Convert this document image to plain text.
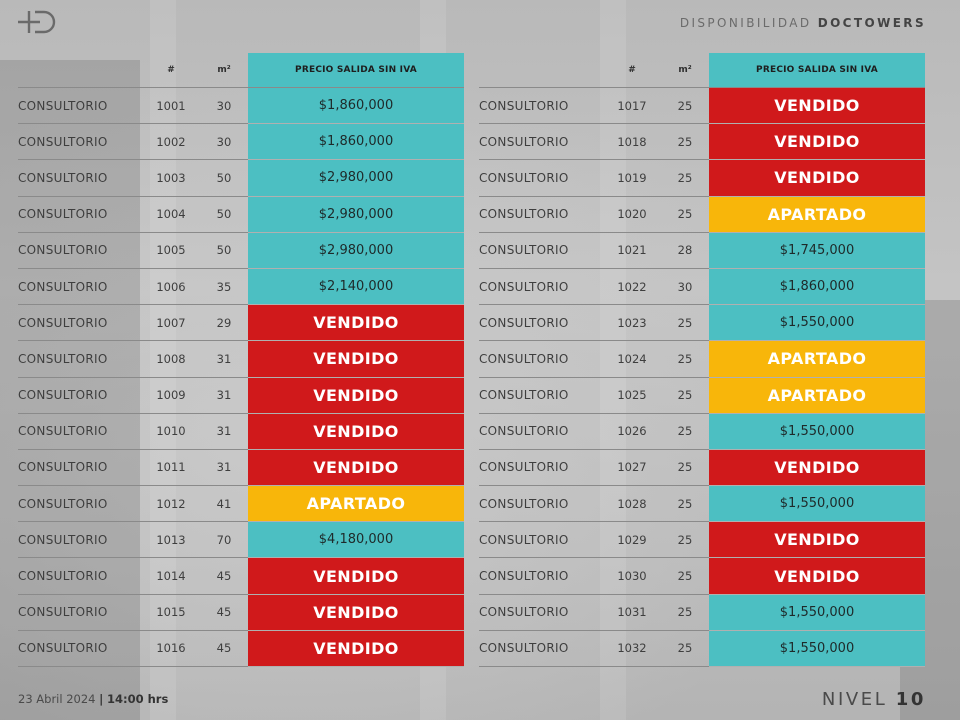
DISPONIBILIDAD DOCTOWERS
	#	m²	PRECIO SALIDA SIN IVA
CONSULTORIO	1001	30	$1,860,000
CONSULTORIO	1002	30	$1,860,000
CONSULTORIO	1003	50	$2,980,000
CONSULTORIO	1004	50	$2,980,000
CONSULTORIO	1005	50	$2,980,000
CONSULTORIO	1006	35	$2,140,000
CONSULTORIO	1007	29	VENDIDO
CONSULTORIO	1008	31	VENDIDO
CONSULTORIO	1009	31	VENDIDO
CONSULTORIO	1010	31	VENDIDO
CONSULTORIO	1011	31	VENDIDO
CONSULTORIO	1012	41	APARTADO
CONSULTORIO	1013	70	$4,180,000
CONSULTORIO	1014	45	VENDIDO
CONSULTORIO	1015	45	VENDIDO
CONSULTORIO	1016	45	VENDIDO
	#	m²	PRECIO SALIDA SIN IVA
CONSULTORIO	1017	25	VENDIDO
CONSULTORIO	1018	25	VENDIDO
CONSULTORIO	1019	25	VENDIDO
CONSULTORIO	1020	25	APARTADO
CONSULTORIO	1021	28	$1,745,000
CONSULTORIO	1022	30	$1,860,000
CONSULTORIO	1023	25	$1,550,000
CONSULTORIO	1024	25	APARTADO
CONSULTORIO	1025	25	APARTADO
CONSULTORIO	1026	25	$1,550,000
CONSULTORIO	1027	25	VENDIDO
CONSULTORIO	1028	25	$1,550,000
CONSULTORIO	1029	25	VENDIDO
CONSULTORIO	1030	25	VENDIDO
CONSULTORIO	1031	25	$1,550,000
CONSULTORIO	1032	25	$1,550,000
23 Abril 2024 | 14:00 hrs	NIVEL 10
